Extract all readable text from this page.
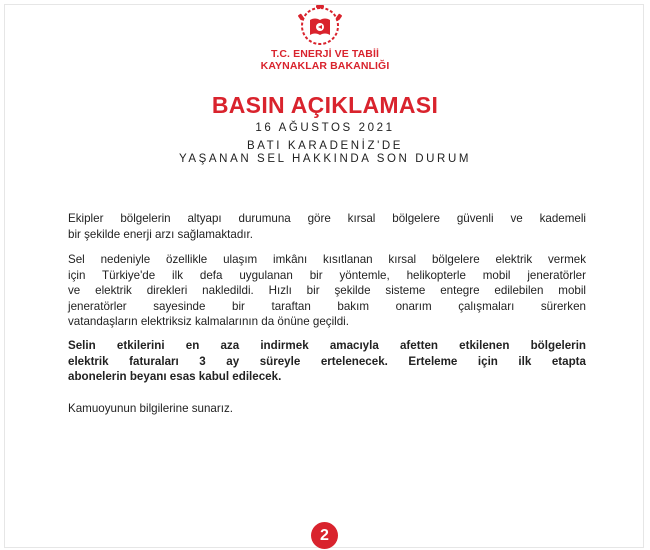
T.C. ENERJİ VE TABİİ
KAYNAKLAR BAKANLIĞI
BASIN AÇIKLAMASI
16 AĞUSTOS 2021
BATI KARADENİZ'DE
YAŞANAN SEL HAKKINDA SON DURUM
Ekipler bölgelerin altyapı durumuna göre kırsal bölgelere güvenli ve kademeli
bir şekilde enerji arzı sağlamaktadır.
Sel nedeniyle özellikle ulaşım imkânı kısıtlanan kırsal bölgelere elektrik vermek
için Türkiye'de ilk defa uygulanan bir yöntemle, helikopterle mobil jeneratörler
ve elektrik direkleri nakledildi. Hızlı bir şekilde sisteme entegre edilebilen mobil
jeneratörler sayesinde bir taraftan bakım onarım çalışmaları sürerken
vatandaşların elektriksiz kalmalarının da önüne geçildi.
Selin etkilerini en aza indirmek amacıyla afetten etkilenen bölgelerin
elektrik faturaları 3 ay süreyle ertelenecek. Erteleme için ilk etapta
abonelerin beyanı esas kabul edilecek.
Kamuoyunun bilgilerine sunarız.
2
